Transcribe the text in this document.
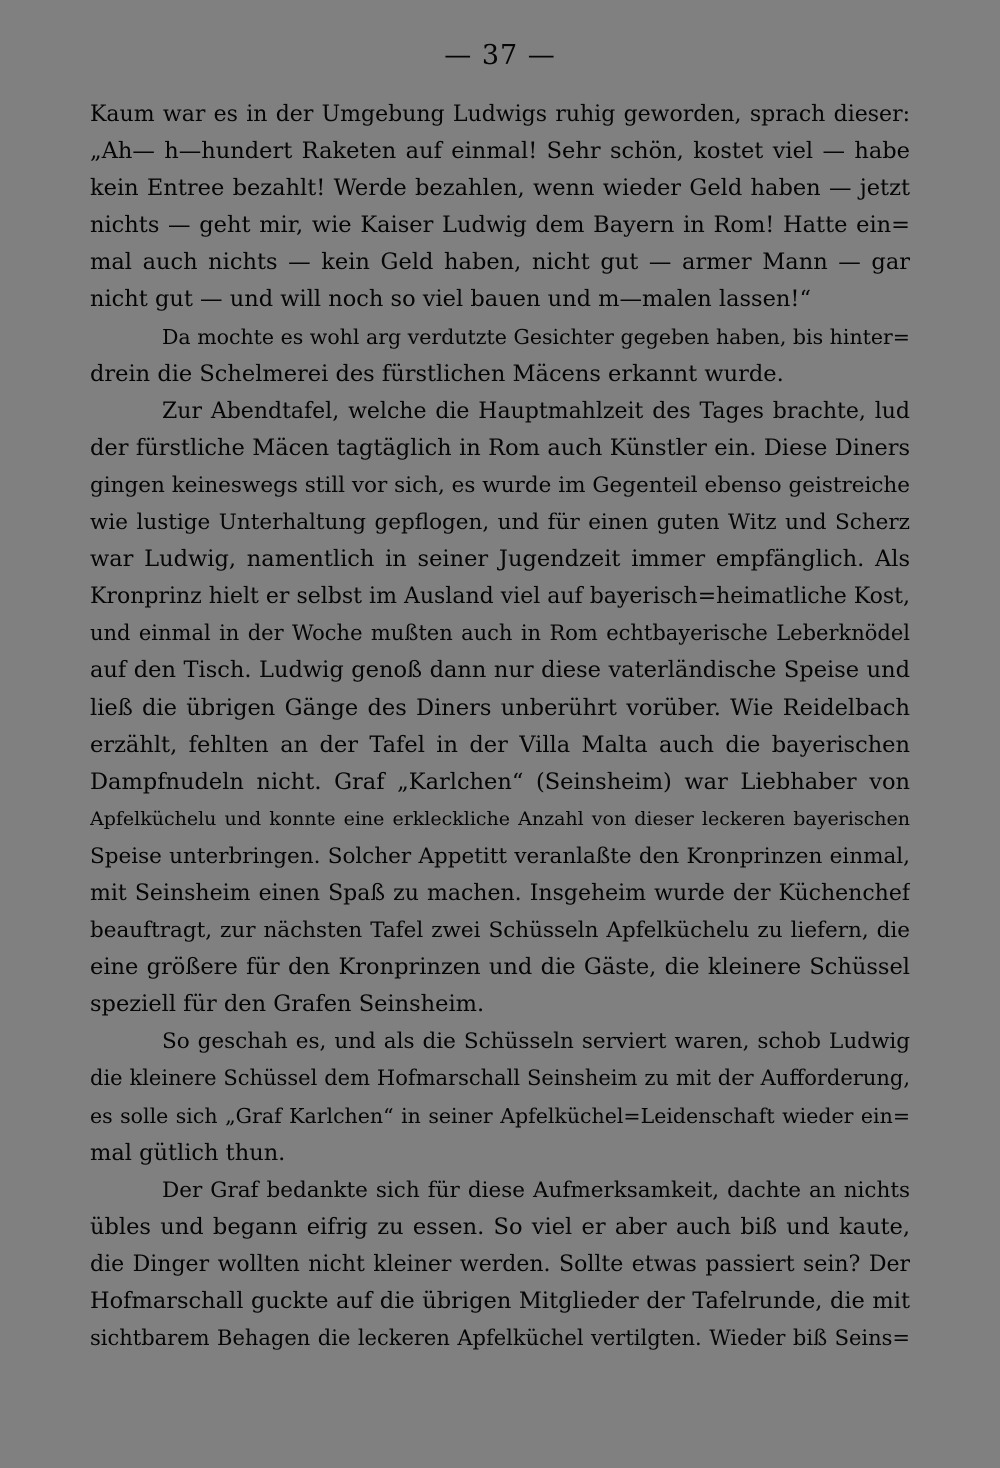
— 37 —
Kaum war es in der Umgebung Ludwigs ruhig geworden, sprach dieser:
„Ah— h—hundert Raketen auf einmal! Sehr schön, kostet viel — habe
kein Entree bezahlt! Werde bezahlen, wenn wieder Geld haben — jetzt
nichts — geht mir, wie Kaiser Ludwig dem Bayern in Rom! Hatte ein=
mal auch nichts — kein Geld haben, nicht gut — armer Mann — gar
nicht gut — und will noch so viel bauen und m—malen lassen!“
Da mochte es wohl arg verdutzte Gesichter gegeben haben, bis hinter=
drein die Schelmerei des fürstlichen Mäcens erkannt wurde.
Zur Abendtafel, welche die Hauptmahlzeit des Tages brachte, lud
der fürstliche Mäcen tagtäglich in Rom auch Künstler ein. Diese Diners
gingen keineswegs still vor sich, es wurde im Gegenteil ebenso geistreiche
wie lustige Unterhaltung gepflogen, und für einen guten Witz und Scherz
war Ludwig, namentlich in seiner Jugendzeit immer empfänglich. Als
Kronprinz hielt er selbst im Ausland viel auf bayerisch=heimatliche Kost,
und einmal in der Woche mußten auch in Rom echtbayerische Leberknödel
auf den Tisch. Ludwig genoß dann nur diese vaterländische Speise und
ließ die übrigen Gänge des Diners unberührt vorüber. Wie Reidelbach
erzählt, fehlten an der Tafel in der Villa Malta auch die bayerischen
Dampfnudeln nicht. Graf „Karlchen“ (Seinsheim) war Liebhaber von
Apfelküchelu und konnte eine erkleckliche Anzahl von dieser leckeren bayerischen
Speise unterbringen. Solcher Appetitt veranlaßte den Kronprinzen einmal,
mit Seinsheim einen Spaß zu machen. Insgeheim wurde der Küchenchef
beauftragt, zur nächsten Tafel zwei Schüsseln Apfelküchelu zu liefern, die
eine größere für den Kronprinzen und die Gäste, die kleinere Schüssel
speziell für den Grafen Seinsheim.
So geschah es, und als die Schüsseln serviert waren, schob Ludwig
die kleinere Schüssel dem Hofmarschall Seinsheim zu mit der Aufforderung,
es solle sich „Graf Karlchen“ in seiner Apfelküchel=Leidenschaft wieder ein=
mal gütlich thun.
Der Graf bedankte sich für diese Aufmerksamkeit, dachte an nichts
übles und begann eifrig zu essen. So viel er aber auch biß und kaute,
die Dinger wollten nicht kleiner werden. Sollte etwas passiert sein? Der
Hofmarschall guckte auf die übrigen Mitglieder der Tafelrunde, die mit
sichtbarem Behagen die leckeren Apfelküchel vertilgten. Wieder biß Seins=
